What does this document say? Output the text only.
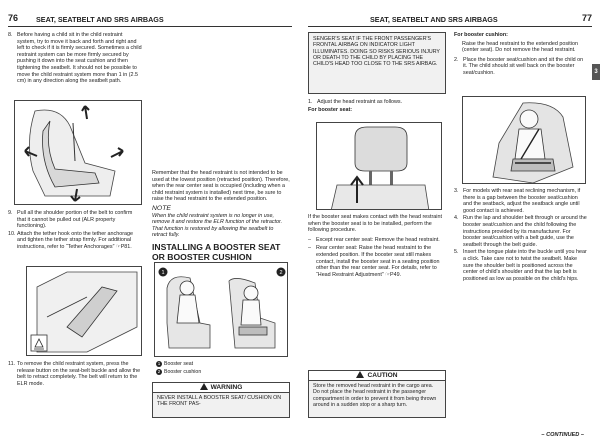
76 SEAT, SEATBELT AND SRS AIRBAGS
8. Before having a child sit in the child restraint system, try to move it back and forth and right and left to check if it is firmly secured. Sometimes a child restraint system can be more firmly secured by pushing it down into the seat cushion and then tightening the seatbelt. It should not be possible to move the child restraint system more than 1 in (2.5 cm) in any direction along the seatbelt path.
9. Pull all the shoulder portion of the belt to confirm that it cannot be pulled out (ALR property functioning).
10. Attach the tether hook onto the tether anchorage and tighten the tether strap firmly. For additional instructions, refer to “Tether Anchorages” ☞P81.
11. To remove the child restraint system, press the release button on the seat-belt buckle and allow the belt to retract completely. The belt will return to the ELR mode.
Remember that the head restraint is not intended to be used at the lowest position (retracted position). Therefore, when the rear center seat is occupied (including when a child restraint system is installed) next time, be sure to raise the head restraint to the extended position.
NOTE
When the child restraint system is no longer in use, remove it and restore the ELR function of the retractor. That function is restored by allowing the seatbelt to retract fully.
INSTALLING A BOOSTER SEAT OR BOOSTER CUSHION
1	2
1 Booster seat
2 Booster cushion
WARNING
NEVER INSTALL A BOOSTER SEAT/ CUSHION ON THE FRONT PAS-
SEAT, SEATBELT AND SRS AIRBAGS	77
3
SENGER'S SEAT IF THE FRONT PASSENGER'S FRONTAL AIRBAG ON INDICATOR LIGHT ILLUMINATES. DOING SO RISKS SERIOUS INJURY OR DEATH TO THE CHILD BY PLACING THE CHILD'S HEAD TOO CLOSE TO THE SRS AIRBAG.
1. Adjust the head restraint as follows.
For booster seat:
If the booster seat makes contact with the head restraint when the booster seat is to be installed, perform the following procedure.
– Except rear center seat: Remove the head restraint.
– Rear center seat: Raise the head restraint to the extended position. If the booster seat still makes contact, install the booster seat in a seating position other than the rear center seat. For details, refer to “Head Restraint Adjustment” ☞P49.
CAUTION
Store the removed head restraint in the cargo area. Do not place the head restraint in the passenger compartment in order to prevent it from being thrown around in a sudden stop or a sharp turn.
For booster cushion:
Raise the head restraint to the extended position (center seat). Do not remove the head restraint.
2. Place the booster seat/cushion and sit the child on it. The child should sit well back on the booster seat/cushion.
3. For models with rear seat reclining mechanism, if there is a gap between the booster seat/cushion and the seatback, adjust the seatback angle until good contact is achieved.
4. Run the lap and shoulder belt through or around the booster seat/cushion and the child following the instructions provided by its manufacturer. For booster seat/cushion with a belt guide, use the seatbelt through the belt guide.
5. Insert the tongue plate into the buckle until you hear a click. Take care not to twist the seatbelt. Make sure the shoulder belt is positioned across the center of child's shoulder and that the lap belt is positioned as low as possible on the child's hips.
– CONTINUED –
